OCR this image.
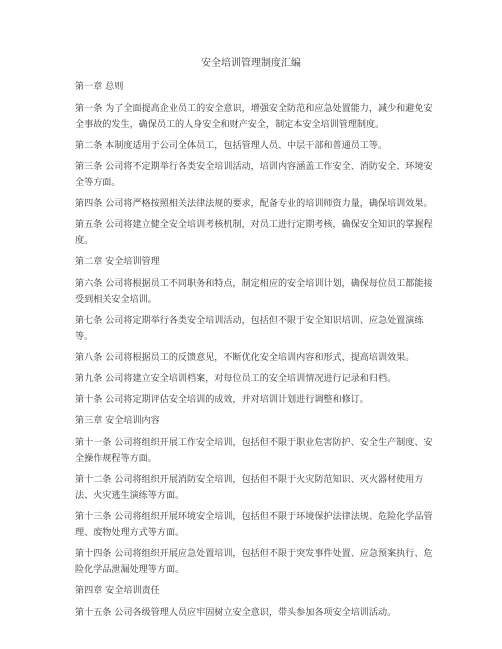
安全培训管理制度汇编
第一章 总则
第一条 为了全面提高企业员工的安全意识，增强安全防范和应急处置能力，减少和避免安全事故的发生，确保员工的人身安全和财产安全，制定本安全培训管理制度。
第二条 本制度适用于公司全体员工，包括管理人员、中层干部和普通员工等。
第三条 公司将不定期举行各类安全培训活动，培训内容涵盖工作安全、消防安全、环境安全等方面。
第四条 公司将严格按照相关法律法规的要求，配备专业的培训师资力量，确保培训效果。
第五条 公司将建立健全安全培训考核机制，对员工进行定期考核，确保安全知识的掌握程度。
第二章 安全培训管理
第六条 公司将根据员工不同职务和特点，制定相应的安全培训计划，确保每位员工都能接受到相关安全培训。
第七条 公司将定期举行各类安全培训活动，包括但不限于安全知识培训、应急处置演练等。
第八条 公司将根据员工的反馈意见，不断优化安全培训内容和形式，提高培训效果。
第九条 公司将建立安全培训档案，对每位员工的安全培训情况进行记录和归档。
第十条 公司将定期评估安全培训的成效，并对培训计划进行调整和修订。
第三章 安全培训内容
第十一条 公司将组织开展工作安全培训，包括但不限于职业危害防护、安全生产制度、安全操作规程等方面。
第十二条 公司将组织开展消防安全培训，包括但不限于火灾防范知识、灭火器材使用方法、火灾逃生演练等方面。
第十三条 公司将组织开展环境安全培训，包括但不限于环境保护法律法规、危险化学品管理、废物处理方式等方面。
第十四条 公司将组织开展应急处置培训，包括但不限于突发事件处置、应急预案执行、危险化学品泄漏处理等方面。
第四章 安全培训责任
第十五条 公司各级管理人员应牢固树立安全意识，带头参加各项安全培训活动。
